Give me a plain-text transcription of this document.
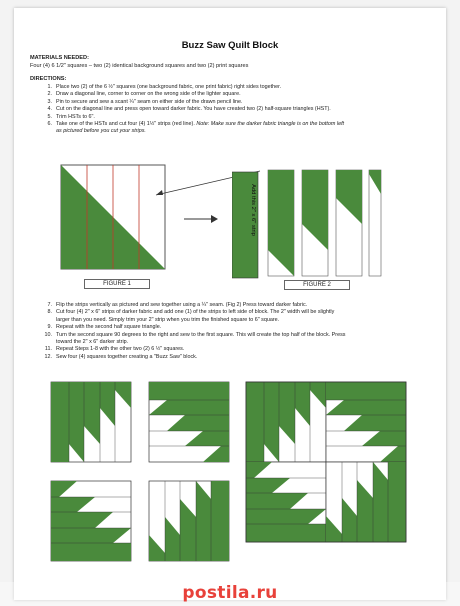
Buzz Saw Quilt Block
MATERIALS NEEDED:
Four (4) 6 1/2" squares – two (2) identical background squares and two (2) print squares
DIRECTIONS:
1. Place two (2) of the 6 ½" squares (one background fabric, one print fabric) right sides together.
2. Draw a diagonal line, corner to corner on the wrong side of the lighter square.
3. Pin to secure and sew a scant ¼" seam on either side of the drawn pencil line.
4. Cut on the diagonal line and press open toward darker fabric. You have created two (2) half-square triangles (HST).
5. Trim HSTs to 6".
6. Take one of the HSTs and cut four (4) 1½" strips (red line). Note: Make sure the darker fabric triangle is on the bottom left
as pictured before you cut your strips.
FIGURE 1
Add this 2" x 6" strip
FIGURE 2
7. Flip the strips vertically as pictured and sew together using a ¼" seam. (Fig 2) Press toward darker fabric.
8. Cut four (4) 2" x 6" strips of darker fabric and add one (1) of the strips to left side of block. The 2" width will be slightly
larger than you need. Simply trim your 2" strip when you trim the finished square to 6" square.
9. Repeat with the second half square triangle.
10. Turn the second square 90 degrees to the right and sew to the first square. This will create the top half of the block. Press
toward the 2" x 6" darker strip.
11. Repeat Steps 1-8 with the other two (2) 6 ½" squares.
12. Sew four (4) squares together creating a "Buzz Saw" block.
postila.ru
